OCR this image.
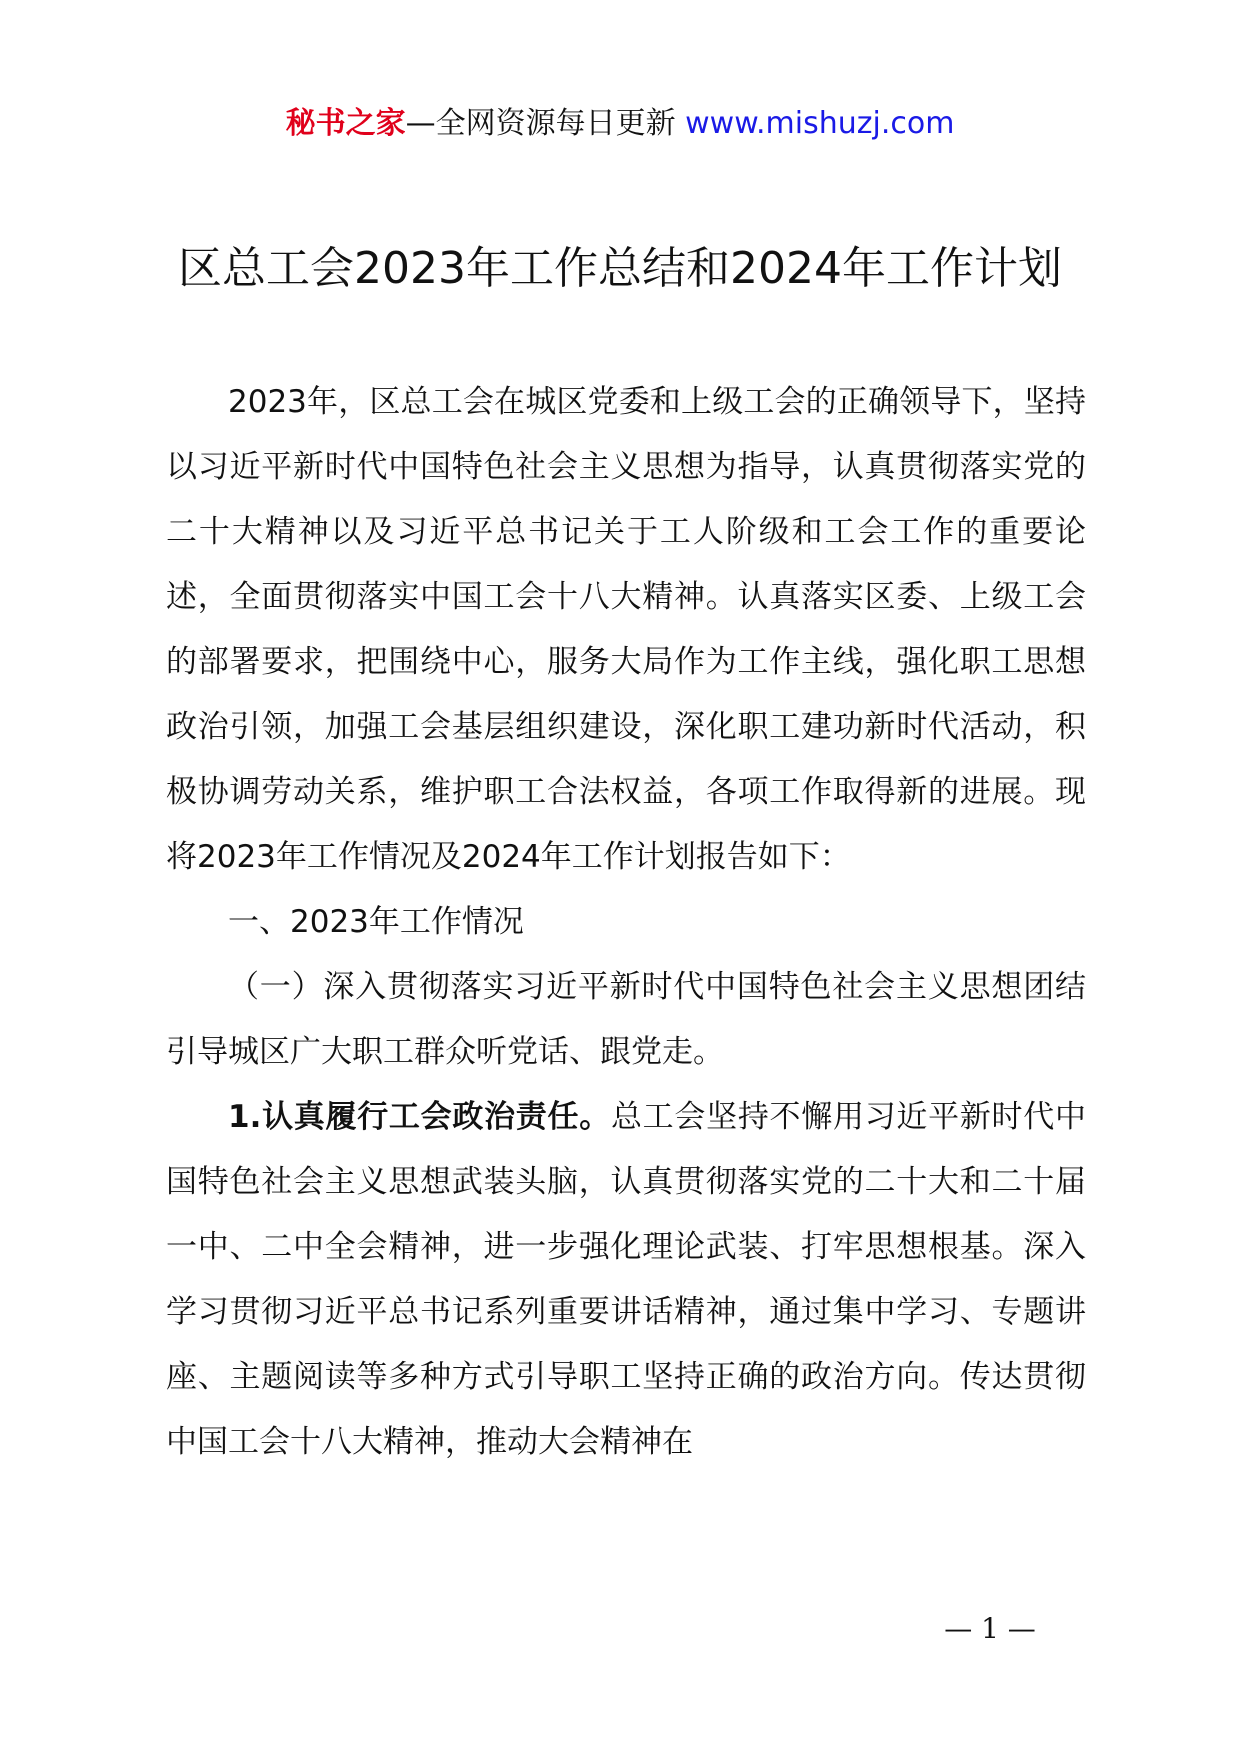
秘书之家—全网资源每日更新 www.mishuzj.com
区总工会2023年工作总结和2024年工作计划

2023年，区总工会在城区党委和上级工会的正确领导下，坚持以习近平新时代中国特色社会主义思想为指导，认真贯彻落实党的二十大精神以及习近平总书记关于工人阶级和工会工作的重要论述，全面贯彻落实中国工会十八大精神。认真落实区委、上级工会的部署要求，把围绕中心，服务大局作为工作主线，强化职工思想政治引领，加强工会基层组织建设，深化职工建功新时代活动，积极协调劳动关系，维护职工合法权益，各项工作取得新的进展。现将2023年工作情况及2024年工作计划报告如下：

一、2023年工作情况

（一）深入贯彻落实习近平新时代中国特色社会主义思想团结引导城区广大职工群众听党话、跟党走。

1.认真履行工会政治责任。总工会坚持不懈用习近平新时代中国特色社会主义思想武装头脑，认真贯彻落实党的二十大和二十届一中、二中全会精神，进一步强化理论武装、打牢思想根基。深入学习贯彻习近平总书记系列重要讲话精神，通过集中学习、专题讲座、主题阅读等多种方式引导职工坚持正确的政治方向。传达贯彻中国工会十八大精神，推动大会精神在

— 1 —
